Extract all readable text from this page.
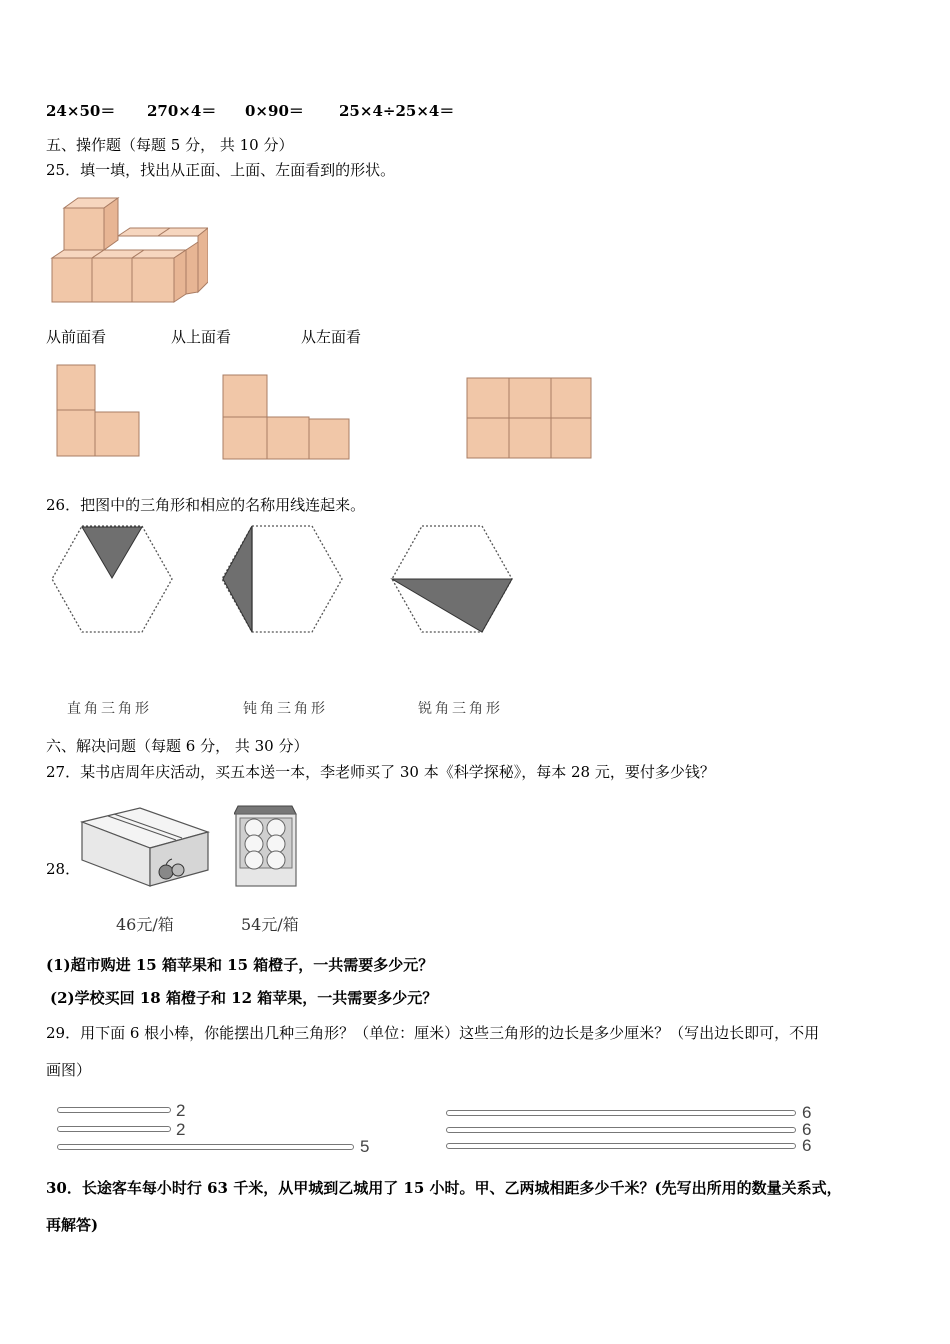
24×50＝ 270×4＝ 0×90＝ 25×4÷25×4＝
五、操作题（每题 5 分， 共 10 分）
25．填一填，找出从正面、上面、左面看到的形状。
从前面看	从上面看	从左面看
26．把图中的三角形和相应的名称用线连起来。
直角三角形	钝角三角形	锐角三角形
六、解决问题（每题 6 分， 共 30 分）
27．某书店周年庆活动，买五本送一本，李老师买了 30 本《科学探秘》，每本 28 元，要付多少钱？
28．
46元/箱	54元/箱
(1)超市购进 15 箱苹果和 15 箱橙子，一共需要多少元？
(2)学校买回 18 箱橙子和 12 箱苹果，一共需要多少元？
29．用下面 6 根小棒，你能摆出几种三角形？（单位：厘米）这些三角形的边长是多少厘米？（写出边长即可，不用
画图）
2
2
5
6
6
6
30．长途客车每小时行 63 千米，从甲城到乙城用了 15 小时。甲、乙两城相距多少千米？(先写出所用的数量关系式，
再解答)
